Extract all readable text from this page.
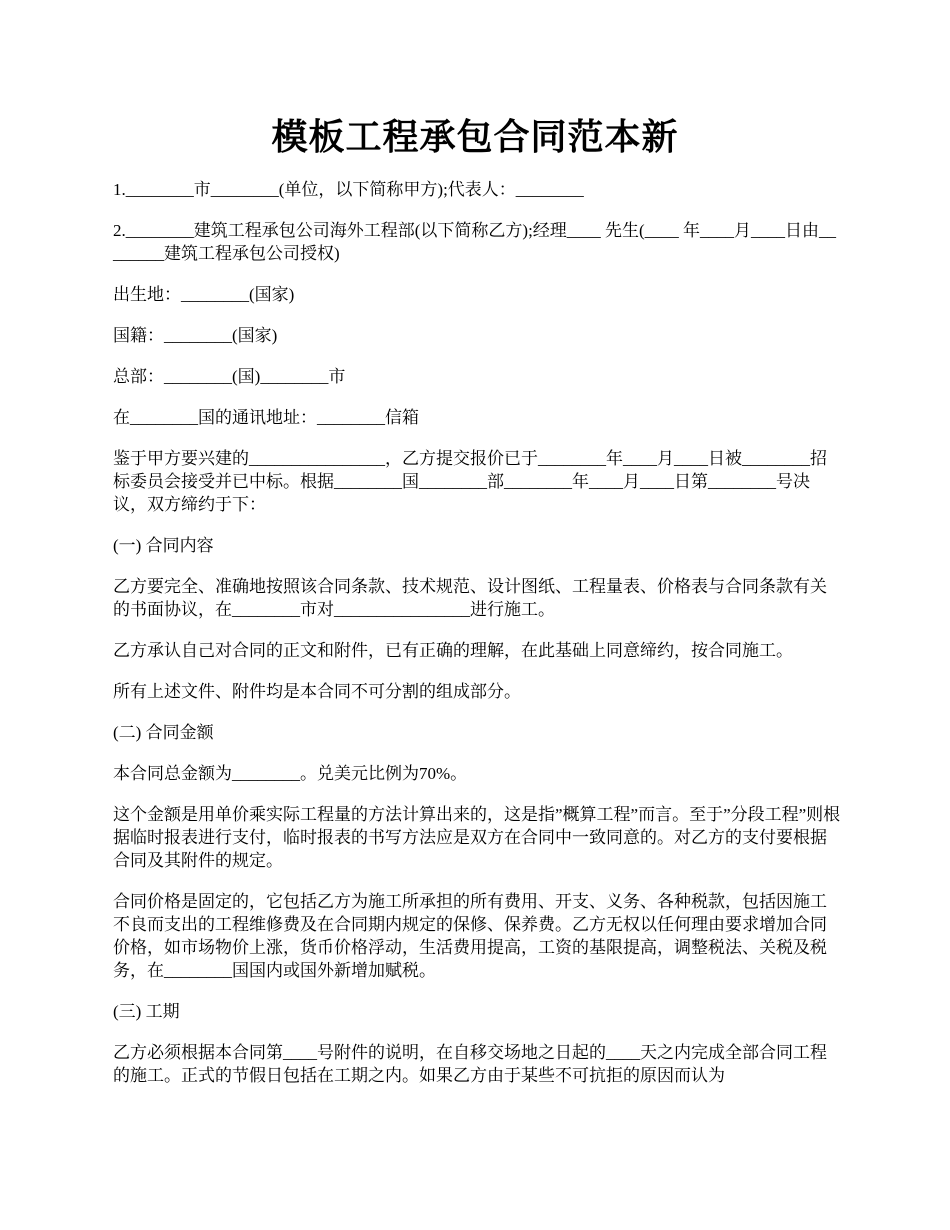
模板工程承包合同范本新

1.________市________(单位，以下简称甲方);代表人：________

2.________建筑工程承包公司海外工程部(以下简称乙方);经理____ 先生(____ 年____月____日由________建筑工程承包公司授权)

出生地：________(国家)

国籍：________(国家)

总部：________(国)________市

在________国的通讯地址：________信箱

鉴于甲方要兴建的________________，乙方提交报价已于________年____月____日被________招标委员会接受并已中标。根据________国________部________年____月____日第________号决议，双方缔约于下：

(一) 合同内容

乙方要完全、准确地按照该合同条款、技术规范、设计图纸、工程量表、价格表与合同条款有关的书面协议，在________市对________________进行施工。

乙方承认自己对合同的正文和附件，已有正确的理解，在此基础上同意缔约，按合同施工。

所有上述文件、附件均是本合同不可分割的组成部分。

(二) 合同金额

本合同总金额为________。兑美元比例为70%。

这个金额是用单价乘实际工程量的方法计算出来的，这是指”概算工程”而言。至于”分段工程”则根据临时报表进行支付，临时报表的书写方法应是双方在合同中一致同意的。对乙方的支付要根据合同及其附件的规定。

合同价格是固定的，它包括乙方为施工所承担的所有费用、开支、义务、各种税款，包括因施工不良而支出的工程维修费及在合同期内规定的保修、保养费。乙方无权以任何理由要求增加合同价格，如市场物价上涨，货币价格浮动，生活费用提高，工资的基限提高，调整税法、关税及税务，在________国国内或国外新增加赋税。

(三) 工期

乙方必须根据本合同第____号附件的说明，在自移交场地之日起的____天之内完成全部合同工程的施工。正式的节假日包括在工期之内。如果乙方由于某些不可抗拒的原因而认为
